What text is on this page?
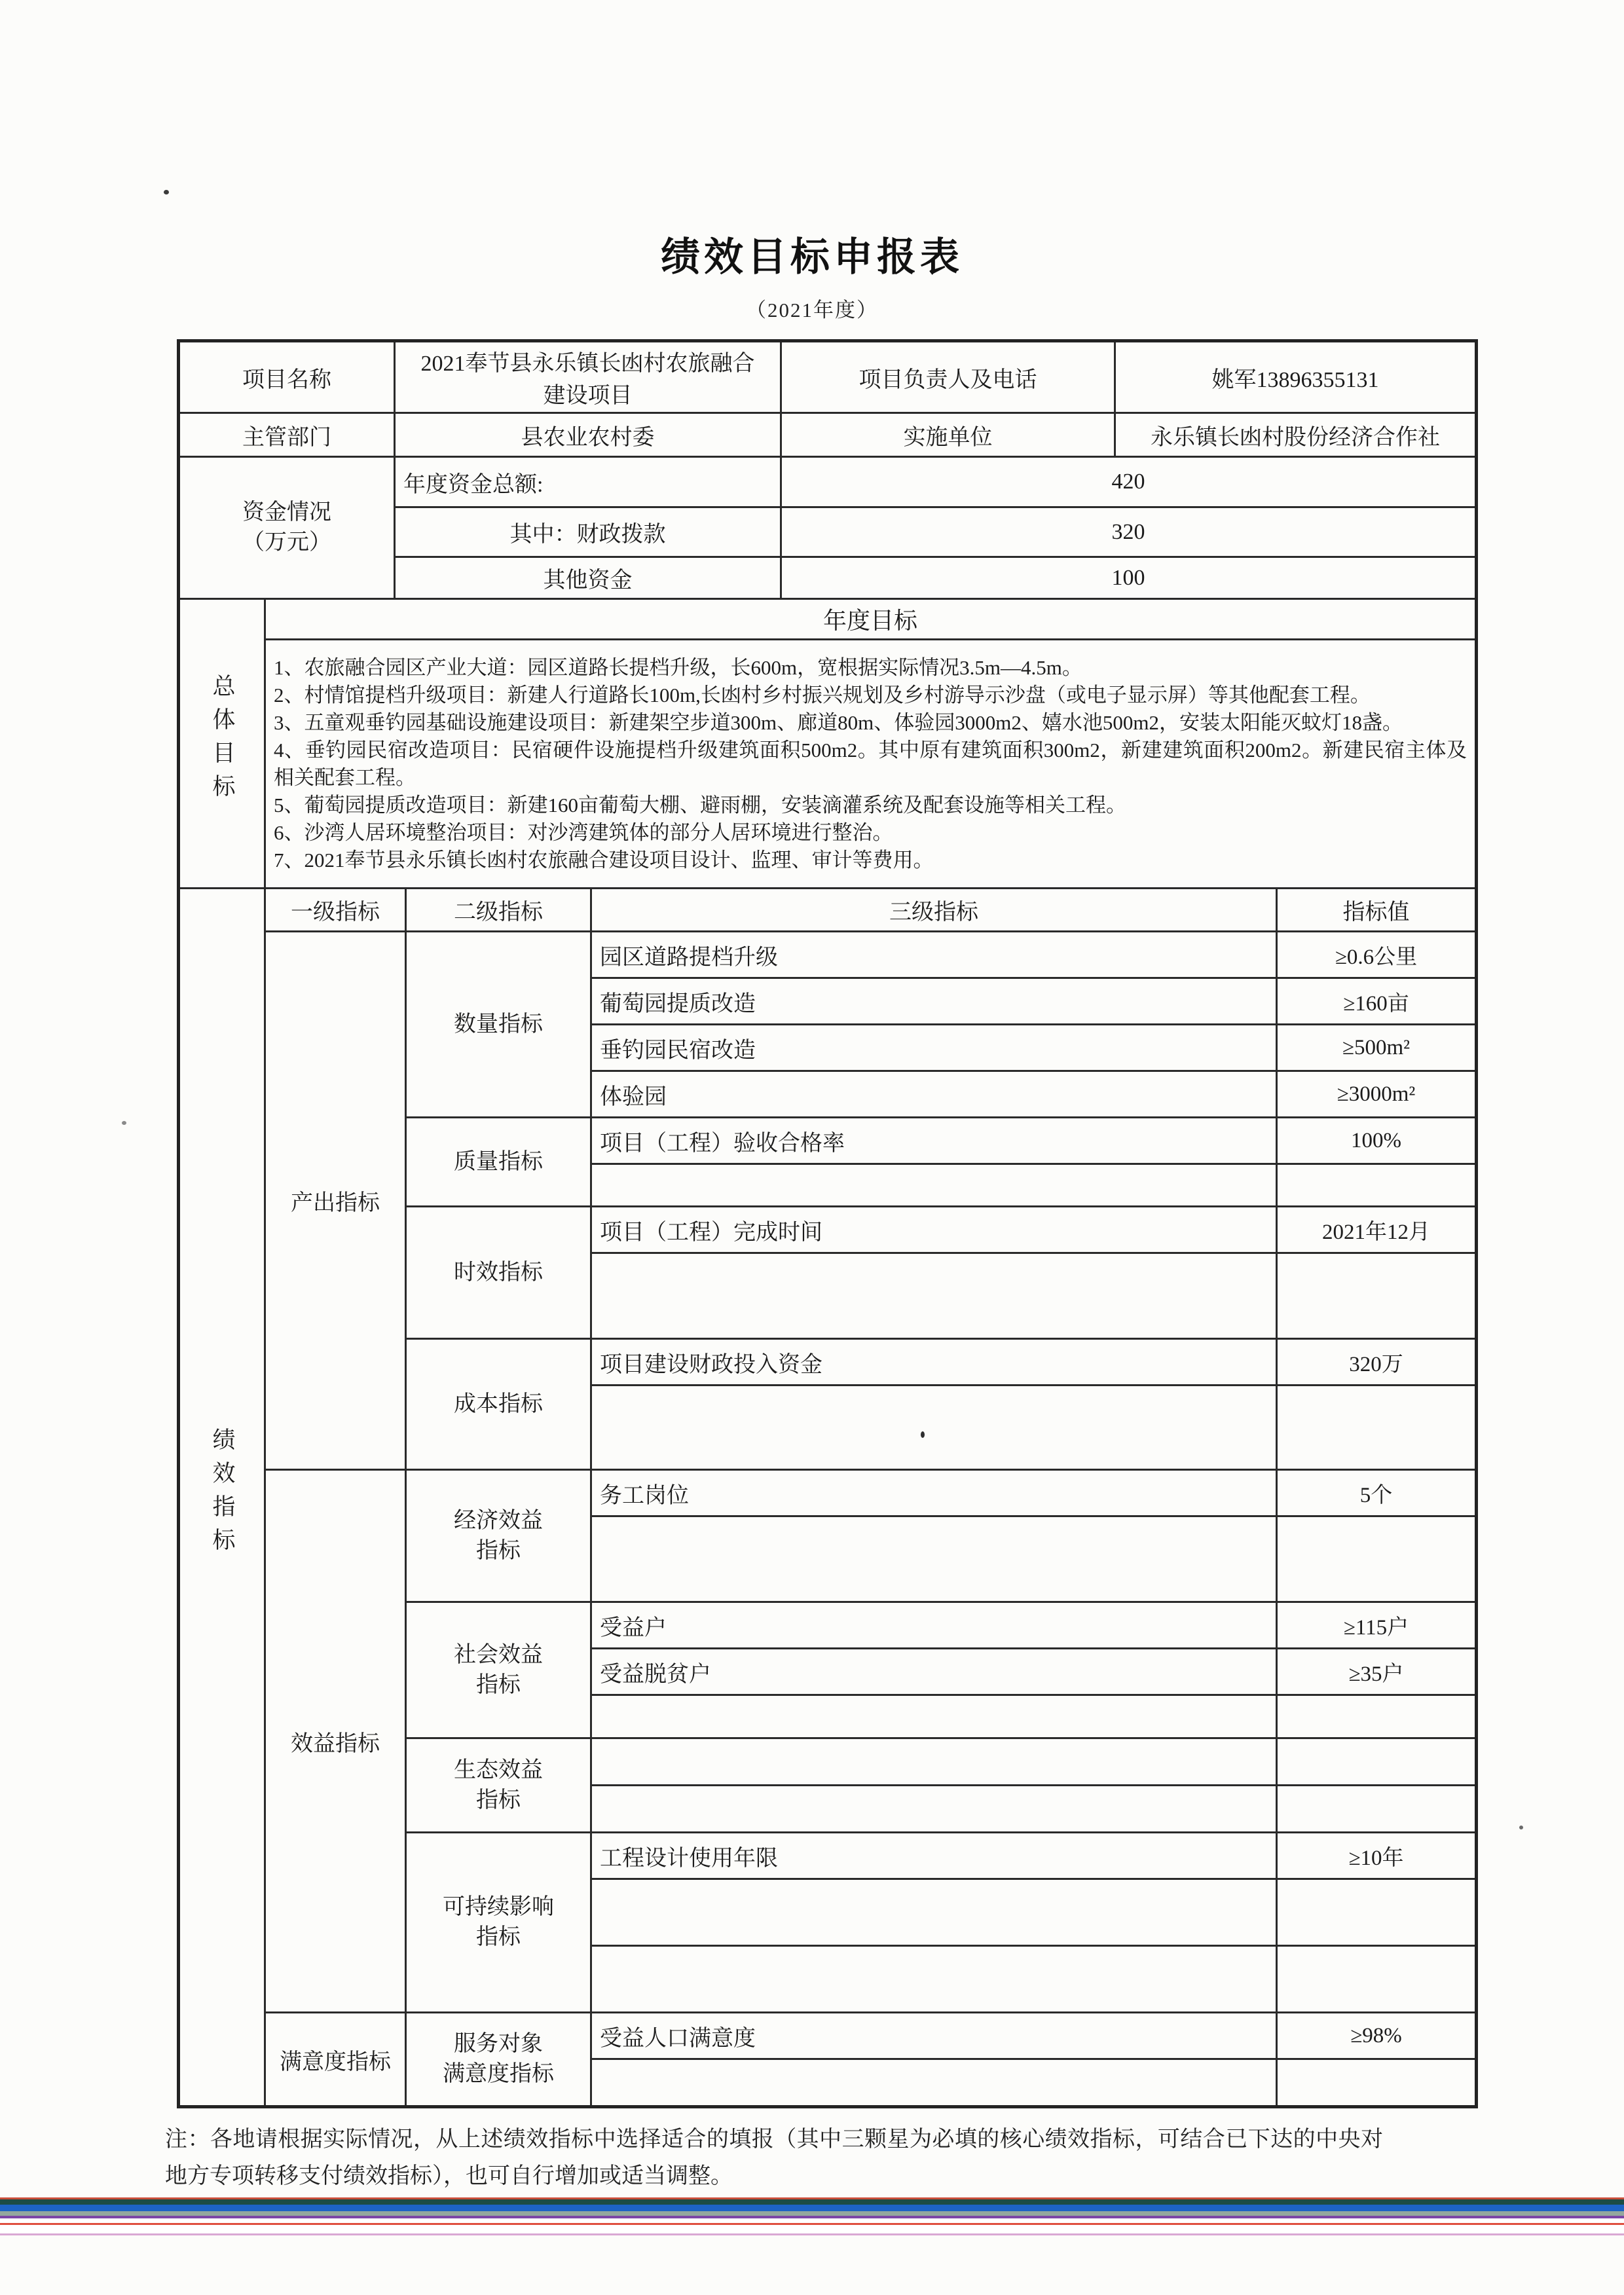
绩效目标申报表
（2021年度）
项目名称		2021奉节县永乐镇长凼村农旅融合建设项目			项目负责人及电话	姚军13896355131	
主管部门		县农业农村委			实施单位	永乐镇长凼村股份经济合作社	

资金情况
（万元）		年度资金总额:			420		
		其中：财政拨款			320		
		其他资金			100		
总体目标	年度目标						

1、农旅融合园区产业大道：园区道路长提档升级，长600m，宽根据实际情况3.5m—4.5m。
2、村情馆提档升级项目：新建人行道路长100m,长凼村乡村振兴规划及乡村游导示沙盘（或电子显示屏）等其他配套工程。
3、五童观垂钓园基础设施建设项目：新建架空步道300m、廊道80m、体验园3000m2、嬉水池500m2，安装太阳能灭蚊灯18盏。
4、垂钓园民宿改造项目：民宿硬件设施提档升级建筑面积500m2。其中原有建筑面积300m2，新建建筑面积200m2。新建民宿主体及相关配套工程。
5、葡萄园提质改造项目：新建160亩葡萄大棚、避雨棚，安装滴灌系统及配套设施等相关工程。
6、沙湾人居环境整治项目：对沙湾建筑体的部分人居环境进行整治。
7、2021奉节县永乐镇长凼村农旅融合建设项目设计、监理、审计等费用。

绩效指标	一级指标		二级指标	三级指标			指标值
	产出指标		数量指标	园区道路提档升级			≥0.6公里
				葡萄园提质改造			≥160亩
				垂钓园民宿改造			≥500m²
				体验园			≥3000m²
			质量指标	项目（工程）验收合格率			100%

			时效指标	项目（工程）完成时间			2021年12月

			成本指标	项目建设财政投入资金			320万

	效益指标		经济效益
指标	务工岗位			5个

			社会效益
指标	受益户			≥115户
				受益脱贫户			≥35户

			生态效益
指标				

			可持续影响
指标	工程设计使用年限			≥10年

	满意度指标		服务对象
满意度指标	受益人口满意度			≥98%

注：各地请根据实际情况，从上述绩效指标中选择适合的填报（其中三颗星为必填的核心绩效指标，可结合已下达的中央对地方专项转移支付绩效指标），也可自行增加或适当调整。
